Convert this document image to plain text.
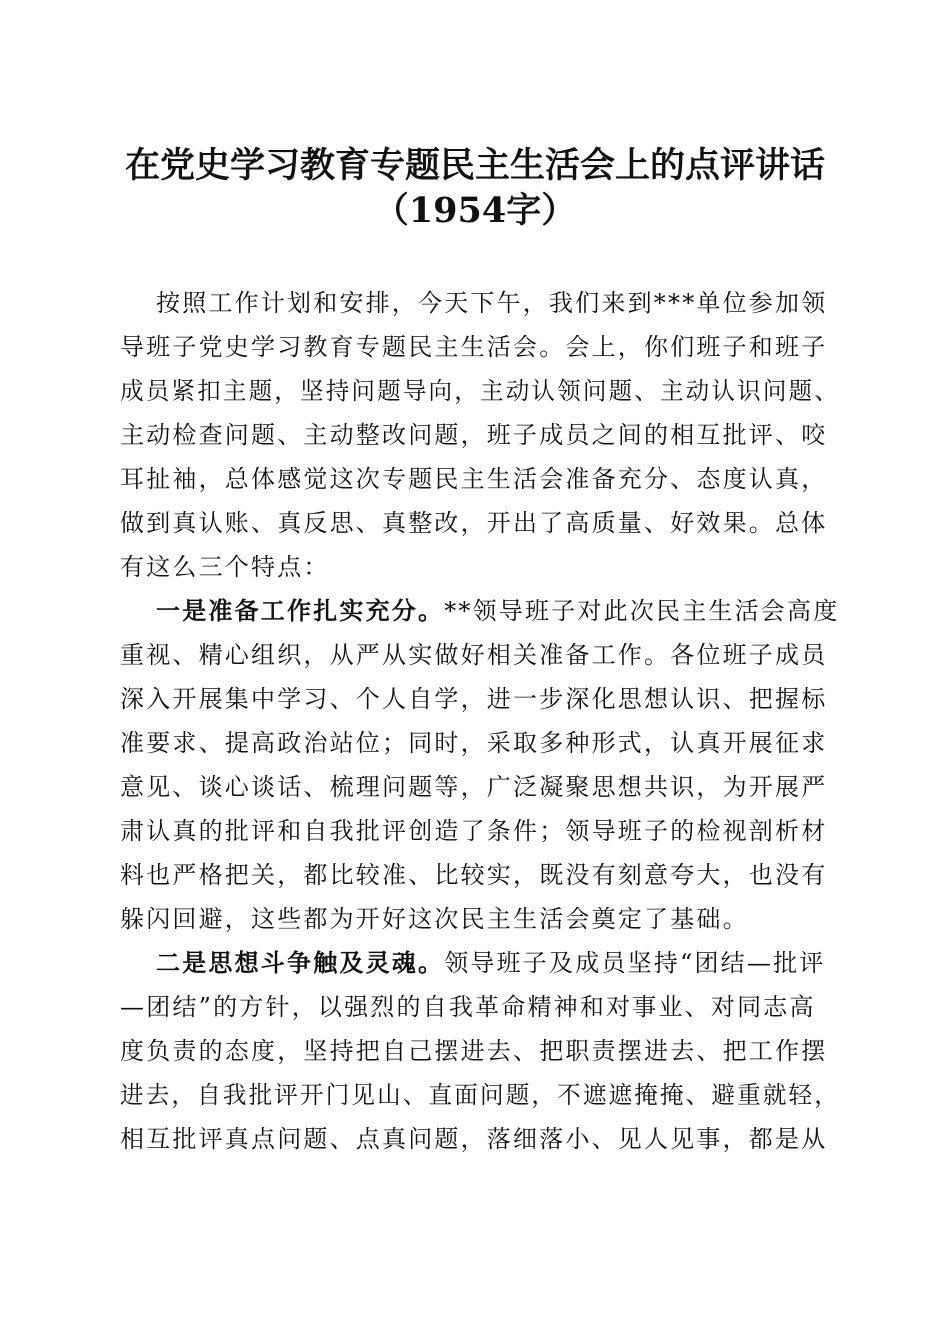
在党史学习教育专题民主生活会上的点评讲话
（1954字）
按照工作计划和安排，今天下午，我们来到***单位参加领
导班子党史学习教育专题民主生活会。会上，你们班子和班子
成员紧扣主题，坚持问题导向，主动认领问题、主动认识问题、
主动检查问题、主动整改问题，班子成员之间的相互批评、咬
耳扯袖，总体感觉这次专题民主生活会准备充分、态度认真，
做到真认账、真反思、真整改，开出了高质量、好效果。总体
有这么三个特点：
一是准备工作扎实充分。**领导班子对此次民主生活会高度
重视、精心组织，从严从实做好相关准备工作。各位班子成员
深入开展集中学习、个人自学，进一步深化思想认识、把握标
准要求、提高政治站位；同时，采取多种形式，认真开展征求
意见、谈心谈话、梳理问题等，广泛凝聚思想共识，为开展严
肃认真的批评和自我批评创造了条件；领导班子的检视剖析材
料也严格把关，都比较准、比较实，既没有刻意夸大，也没有
躲闪回避，这些都为开好这次民主生活会奠定了基础。
二是思想斗争触及灵魂。领导班子及成员坚持“团结—批评
—团结”的方针，以强烈的自我革命精神和对事业、对同志高
度负责的态度，坚持把自己摆进去、把职责摆进去、把工作摆
进去，自我批评开门见山、直面问题，不遮遮掩掩、避重就轻，
相互批评真点问题、点真问题，落细落小、见人见事，都是从
